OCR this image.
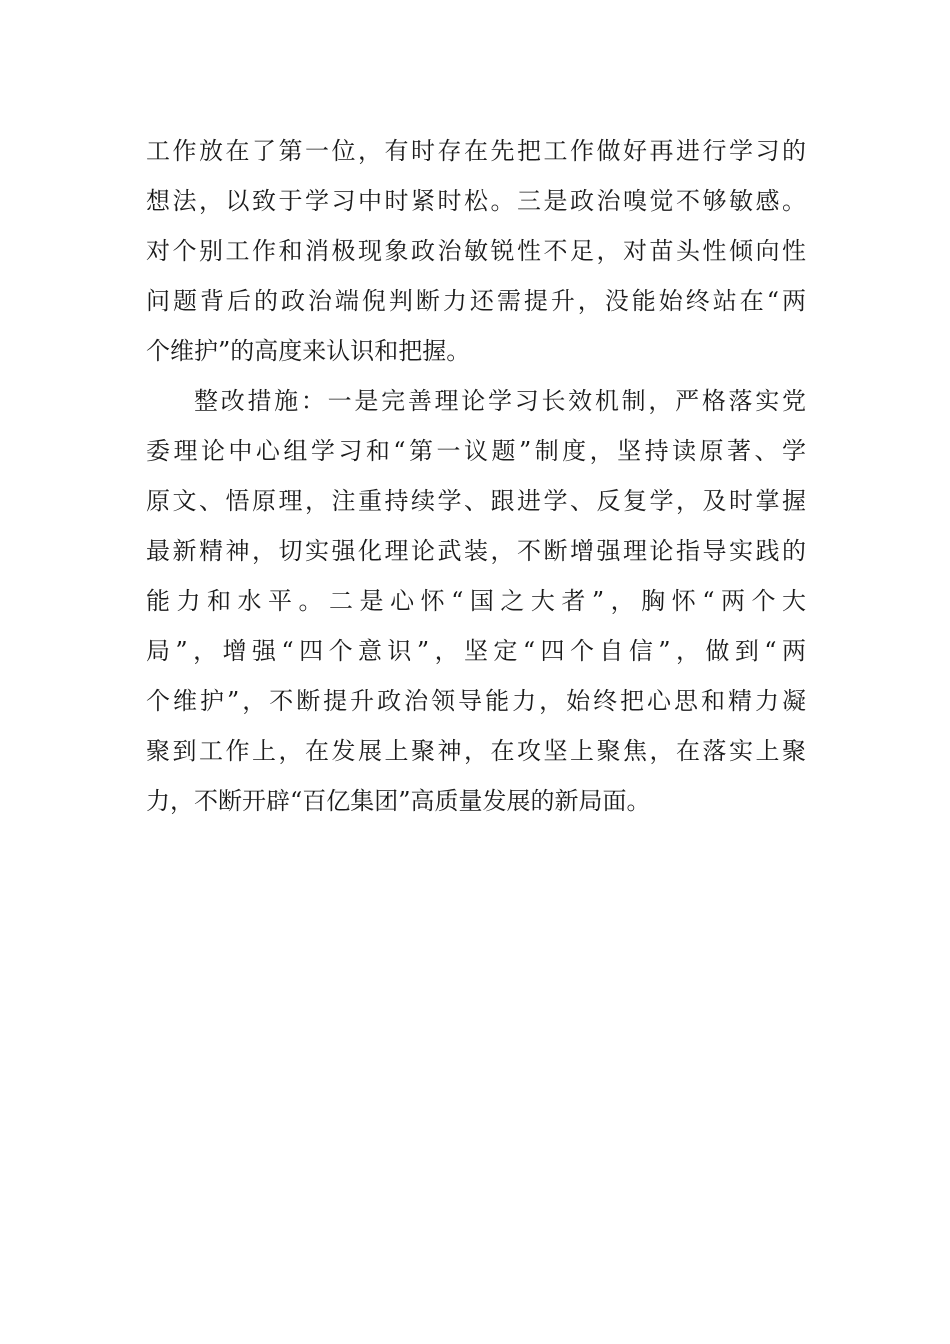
工作放在了第一位，有时存在先把工作做好再进行学习的
想法，以致于学习中时紧时松。三是政治嗅觉不够敏感。
对个别工作和消极现象政治敏锐性不足，对苗头性倾向性
问题背后的政治端倪判断力还需提升，没能始终站在“两
个维护”的高度来认识和把握。
整改措施：一是完善理论学习长效机制，严格落实党
委理论中心组学习和“第一议题”制度，坚持读原著、学
原文、悟原理，注重持续学、跟进学、反复学，及时掌握
最新精神，切实强化理论武装，不断增强理论指导实践的
能力和水平。二是心怀“国之大者”，胸怀“两个大
局”，增强“四个意识”，坚定“四个自信”，做到“两
个维护”，不断提升政治领导能力，始终把心思和精力凝
聚到工作上，在发展上聚神，在攻坚上聚焦，在落实上聚
力，不断开辟“百亿集团”高质量发展的新局面。
